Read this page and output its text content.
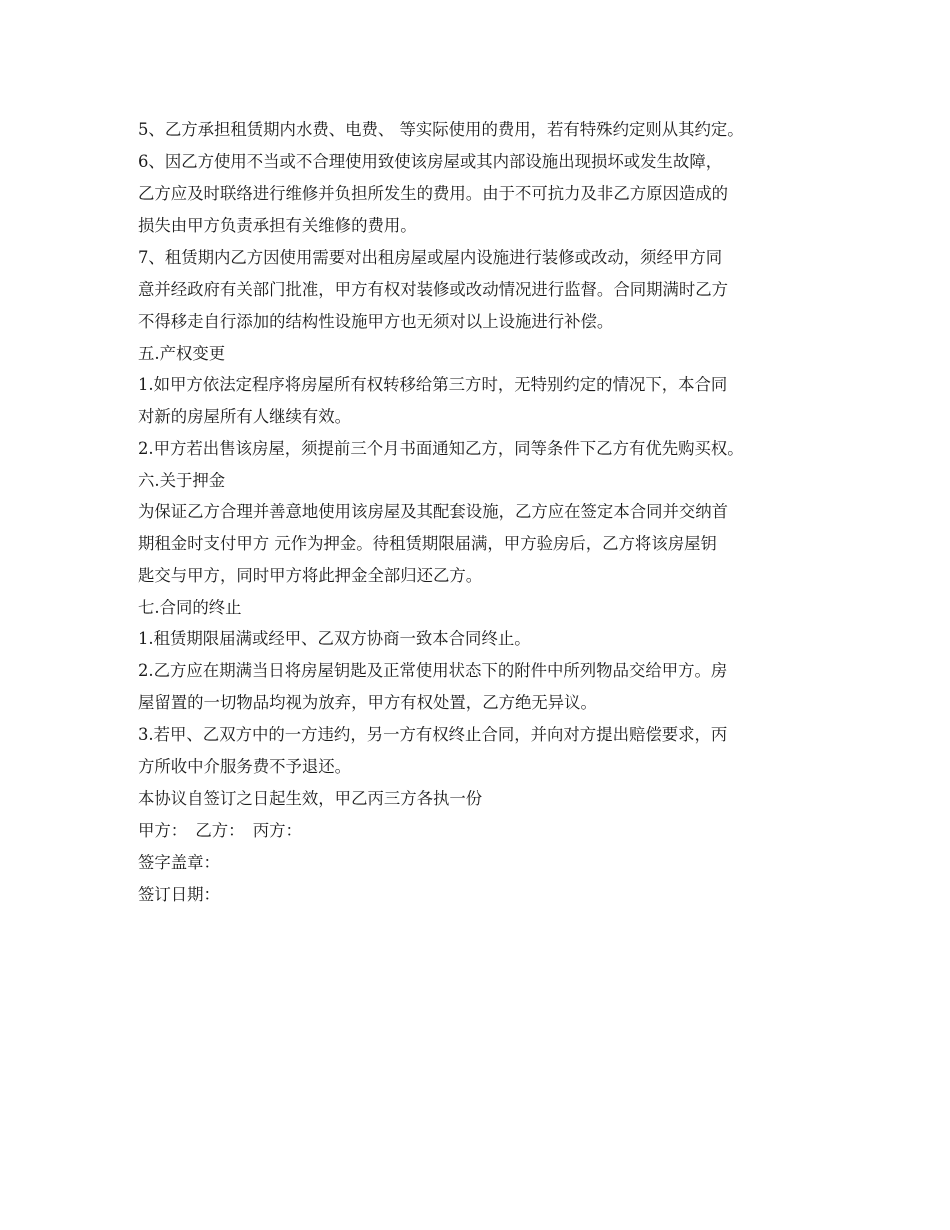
5、乙方承担租赁期内水费、电费、 等实际使用的费用，若有特殊约定则从其约定。
6、因乙方使用不当或不合理使用致使该房屋或其内部设施出现损坏或发生故障，
乙方应及时联络进行维修并负担所发生的费用。由于不可抗力及非乙方原因造成的
损失由甲方负责承担有关维修的费用。
7、租赁期内乙方因使用需要对出租房屋或屋内设施进行装修或改动，须经甲方同
意并经政府有关部门批准，甲方有权对装修或改动情况进行监督。合同期满时乙方
不得移走自行添加的结构性设施甲方也无须对以上设施进行补偿。
五.产权变更
1.如甲方依法定程序将房屋所有权转移给第三方时，无特别约定的情况下，本合同
对新的房屋所有人继续有效。
2.甲方若出售该房屋，须提前三个月书面通知乙方，同等条件下乙方有优先购买权。
六.关于押金
为保证乙方合理并善意地使用该房屋及其配套设施，乙方应在签定本合同并交纳首
期租金时支付甲方 元作为押金。待租赁期限届满，甲方验房后，乙方将该房屋钥
匙交与甲方，同时甲方将此押金全部归还乙方。
七.合同的终止
1.租赁期限届满或经甲、乙双方协商一致本合同终止。
2.乙方应在期满当日将房屋钥匙及正常使用状态下的附件中所列物品交给甲方。房
屋留置的一切物品均视为放弃，甲方有权处置，乙方绝无异议。
3.若甲、乙双方中的一方违约，另一方有权终止合同，并向对方提出赔偿要求，丙
方所收中介服务费不予退还。
本协议自签订之日起生效，甲乙丙三方各执一份
甲方：　乙方：　丙方：
签字盖章：
签订日期：
